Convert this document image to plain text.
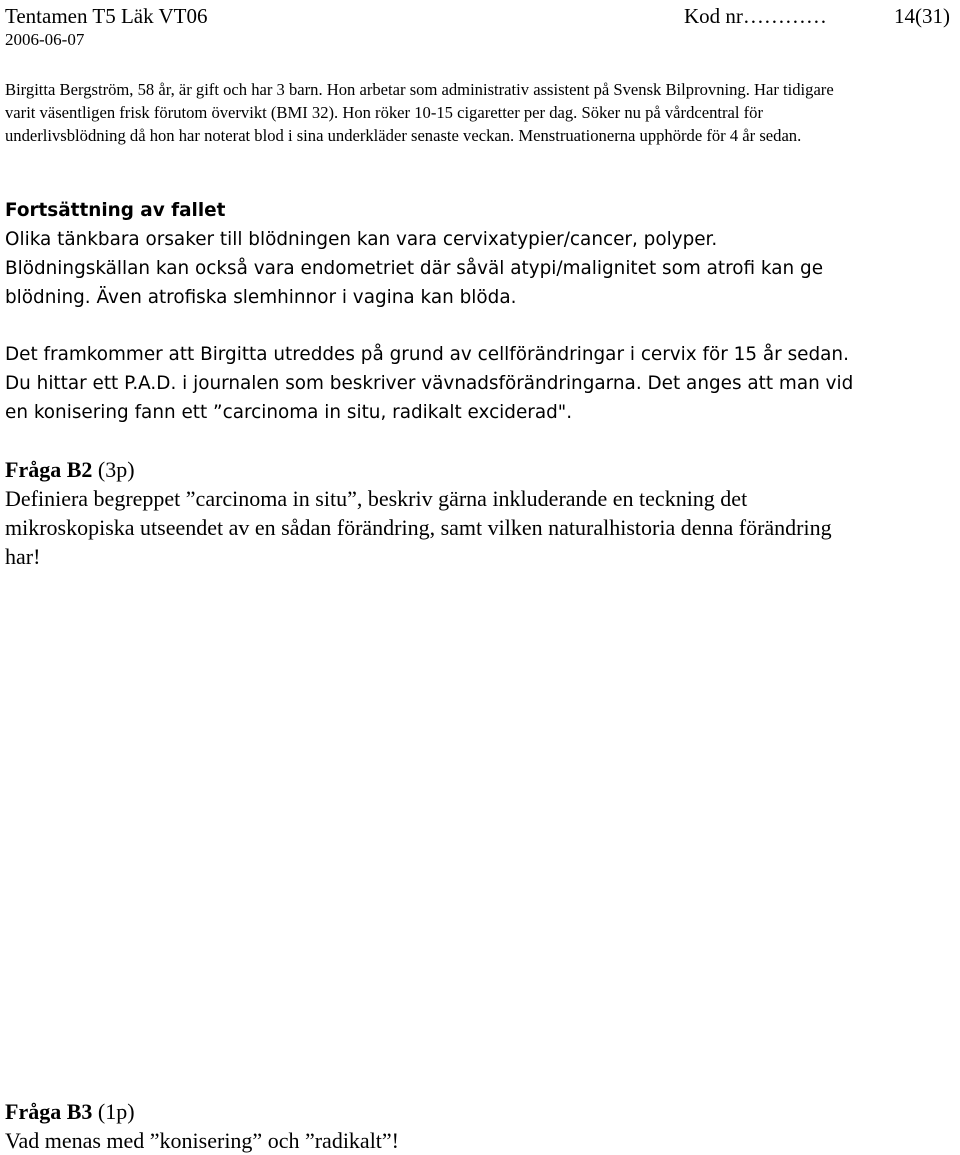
Tentamen T5 Läk VT06
2006-06-07
Kod nr…………	14(31)
Birgitta Bergström, 58 år, är gift och har 3 barn. Hon arbetar som administrativ assistent på Svensk Bilprovning. Har tidigare
varit väsentligen frisk förutom övervikt (BMI 32). Hon röker 10-15 cigaretter per dag. Söker nu på vårdcentral för
underlivsblödning då hon har noterat blod i sina underkläder senaste veckan. Menstruationerna upphörde för 4 år sedan.
Fortsättning av fallet
Olika tänkbara orsaker till blödningen kan vara cervixatypier/cancer, polyper.
Blödningskällan kan också vara endometriet där såväl atypi/malignitet som atrofi kan ge
blödning. Även atrofiska slemhinnor i vagina kan blöda.
Det framkommer att Birgitta utreddes på grund av cellförändringar i cervix för 15 år sedan.
Du hittar ett P.A.D. i journalen som beskriver vävnadsförändringarna. Det anges att man vid
en konisering fann ett ”carcinoma in situ, radikalt exciderad".
Fråga B2 (3p)
Definiera begreppet ”carcinoma in situ”, beskriv gärna inkluderande en teckning det
mikroskopiska utseendet av en sådan förändring, samt vilken naturalhistoria denna förändring
har!
Fråga B3 (1p)
Vad menas med ”konisering” och ”radikalt”!
